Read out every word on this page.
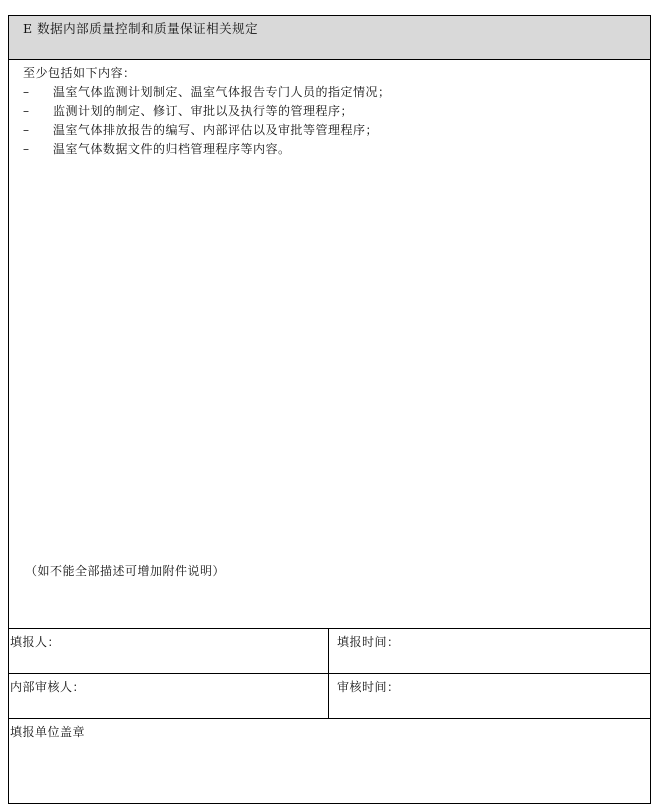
E 数据内部质量控制和质量保证相关规定
至少包括如下内容：
–	温室气体监测计划制定、温室气体报告专门人员的指定情况；
–	监测计划的制定、修订、审批以及执行等的管理程序；
–	温室气体排放报告的编写、内部评估以及审批等管理程序；
–	温室气体数据文件的归档管理程序等内容。
（如不能全部描述可增加附件说明）
填报人：	填报时间：
内部审核人：	审核时间：
填报单位盖章
